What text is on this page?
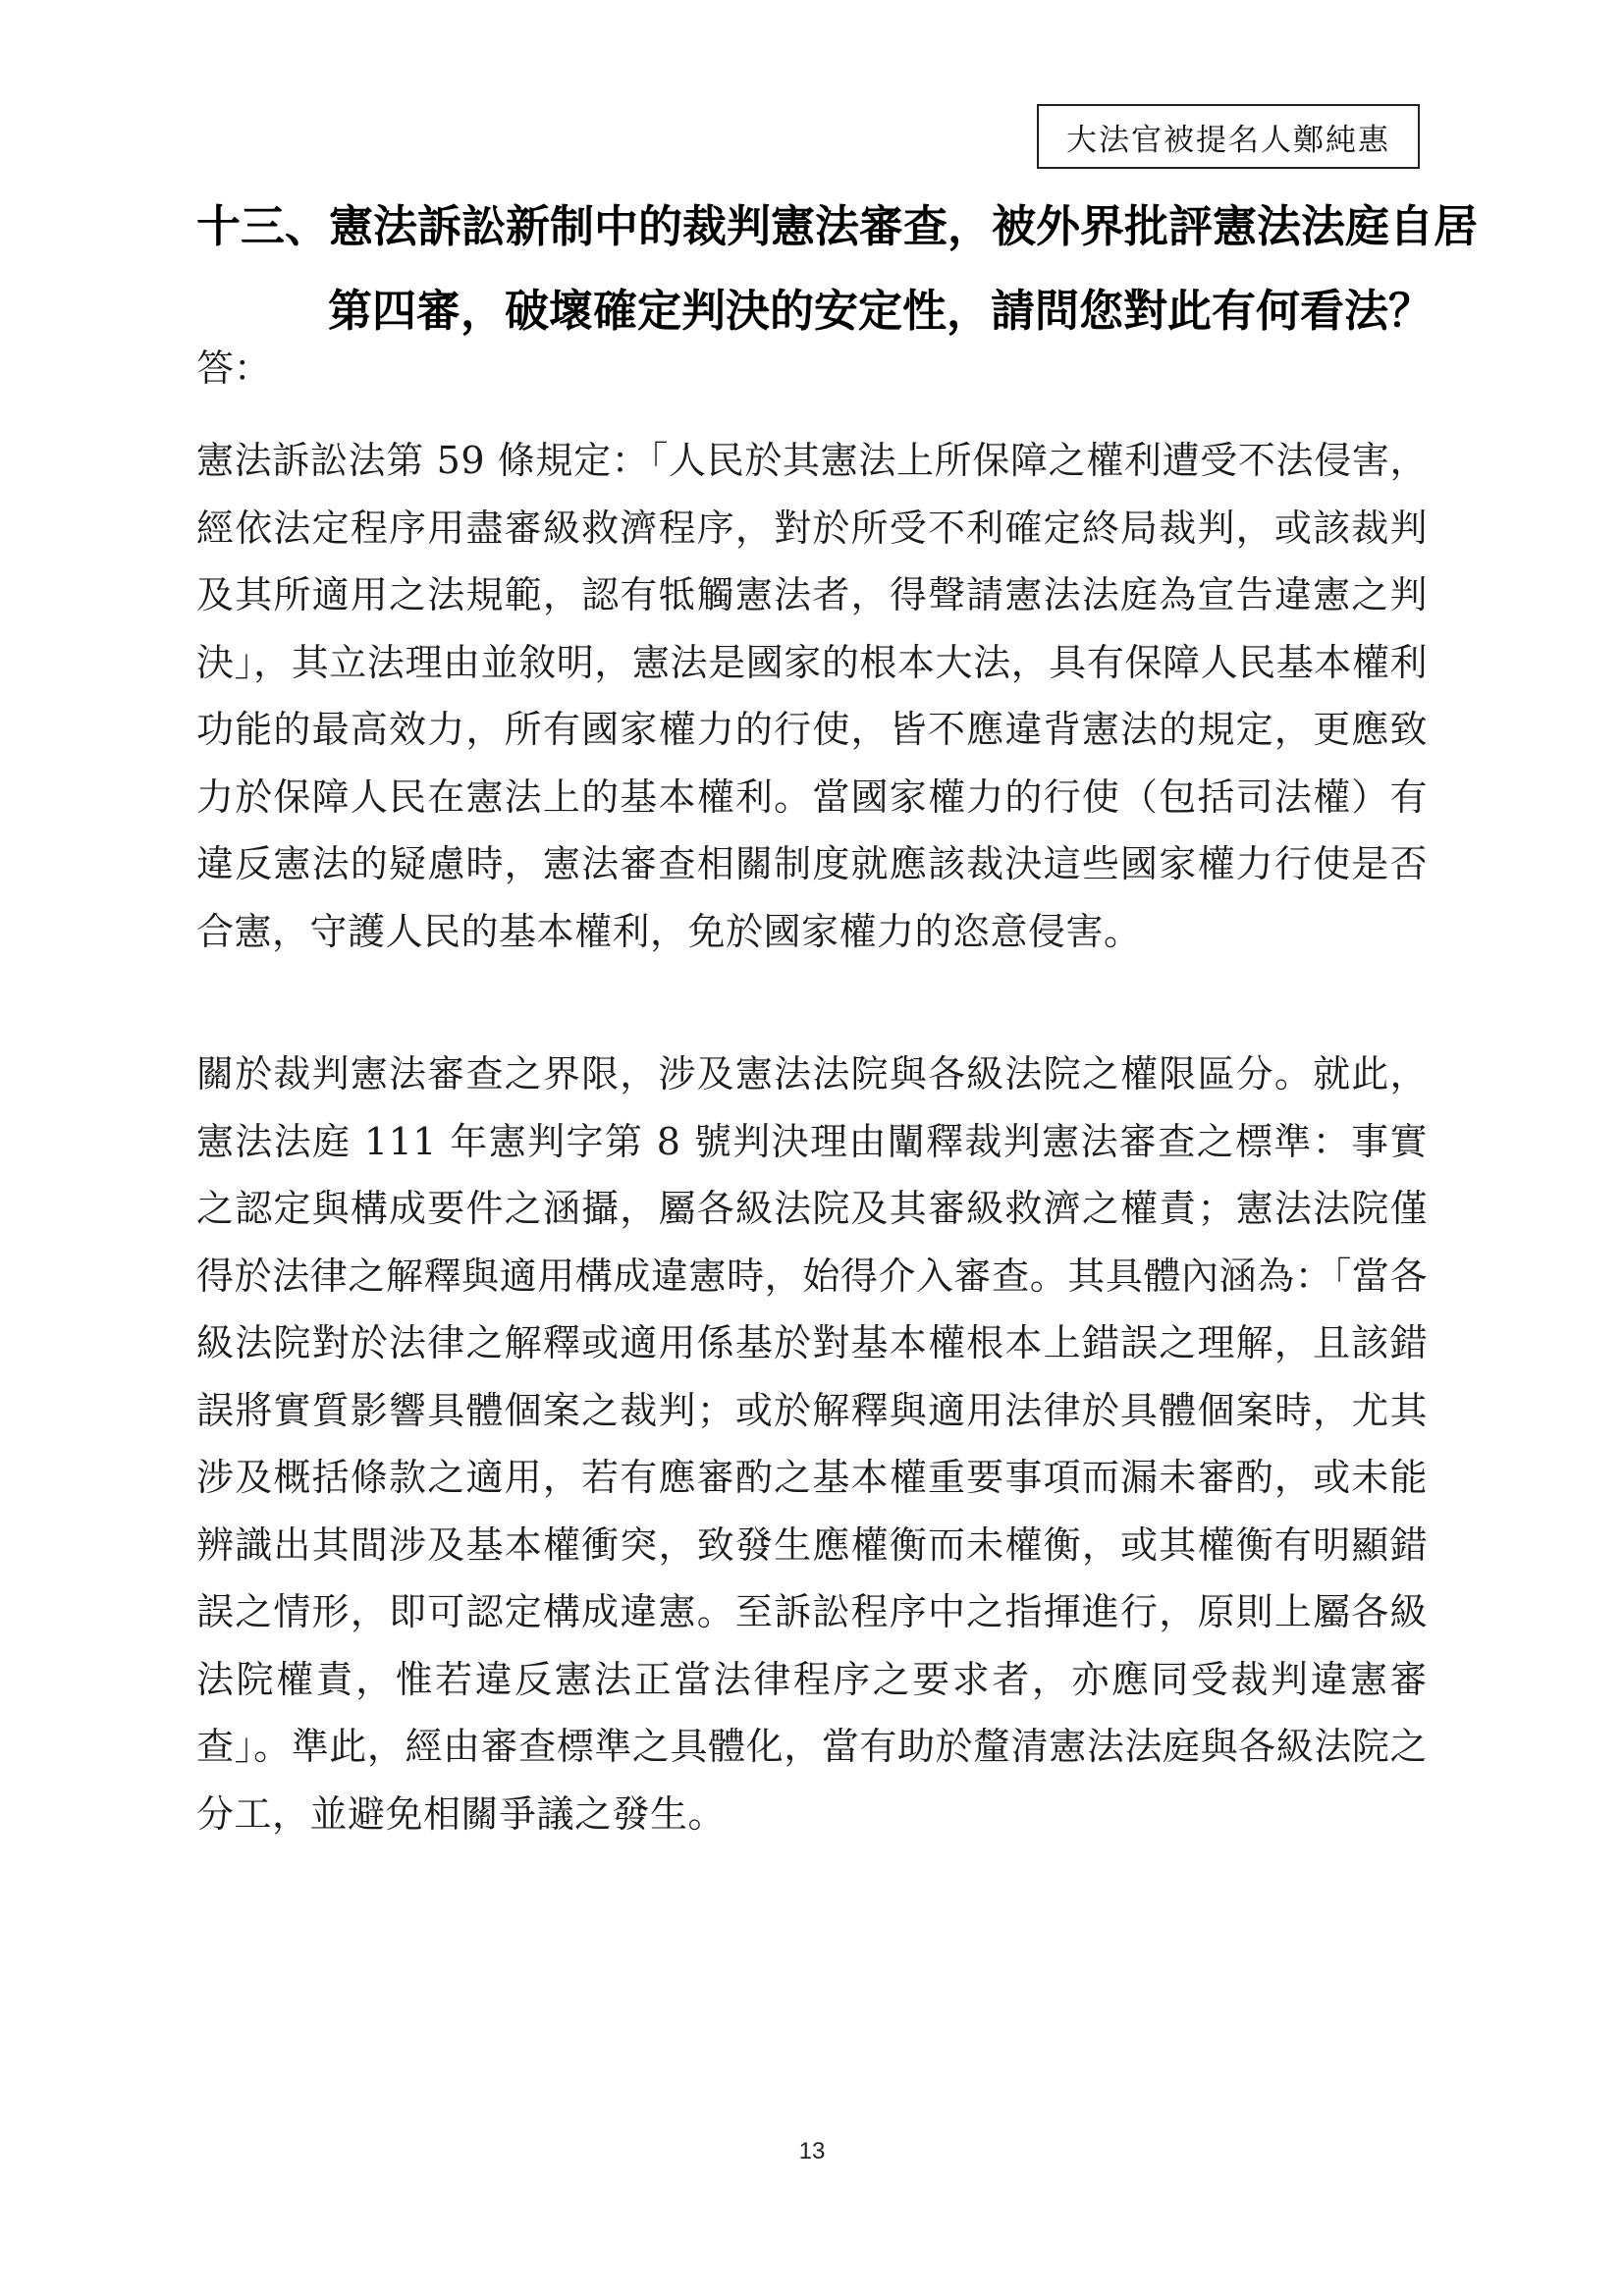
大法官被提名人鄭純惠
十三、憲法訴訟新制中的裁判憲法審查，被外界批評憲法法庭自居
第四審，破壞確定判決的安定性，請問您對此有何看法？
答：

憲法訴訟法第 59 條規定：「人民於其憲法上所保障之權利遭受不法侵害，經依法定程序用盡審級救濟程序，對於所受不利確定終局裁判，或該裁判及其所適用之法規範，認有牴觸憲法者，得聲請憲法法庭為宣告違憲之判決」，其立法理由並敘明，憲法是國家的根本大法，具有保障人民基本權利功能的最高效力，所有國家權力的行使，皆不應違背憲法的規定，更應致力於保障人民在憲法上的基本權利。當國家權力的行使（包括司法權）有違反憲法的疑慮時，憲法審查相關制度就應該裁決這些國家權力行使是否合憲，守護人民的基本權利，免於國家權力的恣意侵害。

關於裁判憲法審查之界限，涉及憲法法院與各級法院之權限區分。就此，憲法法庭 111 年憲判字第 8 號判決理由闡釋裁判憲法審查之標準：事實之認定與構成要件之涵攝，屬各級法院及其審級救濟之權責；憲法法院僅得於法律之解釋與適用構成違憲時，始得介入審查。其具體內涵為：「當各級法院對於法律之解釋或適用係基於對基本權根本上錯誤之理解，且該錯誤將實質影響具體個案之裁判；或於解釋與適用法律於具體個案時，尤其涉及概括條款之適用，若有應審酌之基本權重要事項而漏未審酌，或未能辨識出其間涉及基本權衝突，致發生應權衡而未權衡，或其權衡有明顯錯誤之情形，即可認定構成違憲。至訴訟程序中之指揮進行，原則上屬各級法院權責，惟若違反憲法正當法律程序之要求者，亦應同受裁判違憲審查」。準此，經由審查標準之具體化，當有助於釐清憲法法庭與各級法院之分工，並避免相關爭議之發生。

13
